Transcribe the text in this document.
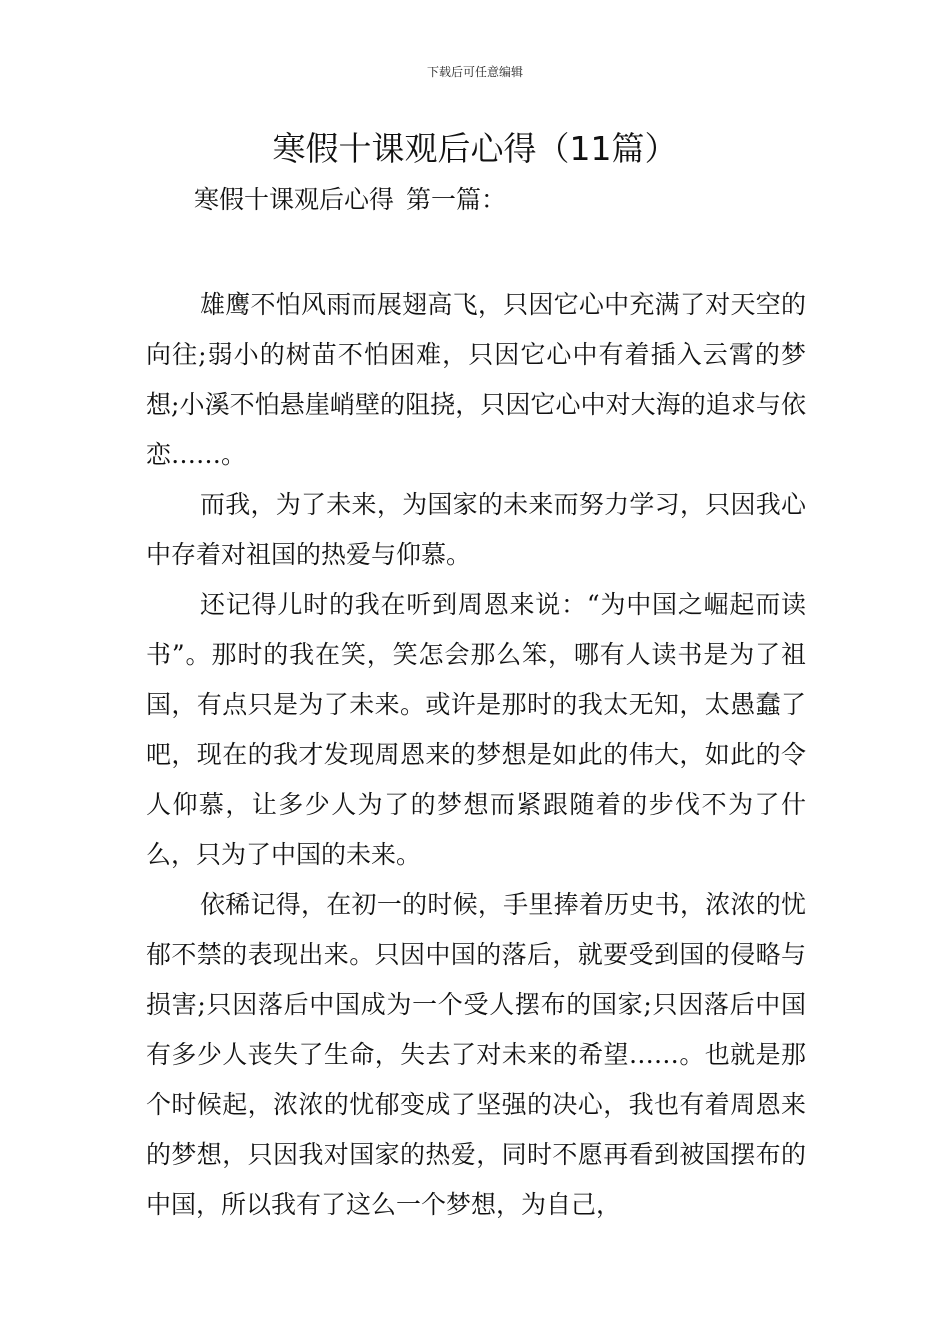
下载后可任意编辑
寒假十课观后心得（11篇）
寒假十课观后心得 第一篇：

雄鹰不怕风雨而展翅高飞，只因它心中充满了对天空的向往;弱小的树苗不怕困难，只因它心中有着插入云霄的梦想;小溪不怕悬崖峭壁的阻挠，只因它心中对大海的追求与依恋……。

而我，为了未来，为国家的未来而努力学习，只因我心中存着对祖国的热爱与仰慕。

还记得儿时的我在听到周恩来说：“为中国之崛起而读书”。那时的我在笑，笑怎会那么笨，哪有人读书是为了祖国，有点只是为了未来。或许是那时的我太无知，太愚蠢了吧，现在的我才发现周恩来的梦想是如此的伟大，如此的令人仰慕，让多少人为了的梦想而紧跟随着的步伐不为了什么，只为了中国的未来。

依稀记得，在初一的时候，手里捧着历史书，浓浓的忧郁不禁的表现出来。只因中国的落后，就要受到国的侵略与损害;只因落后中国成为一个受人摆布的国家;只因落后中国有多少人丧失了生命，失去了对未来的希望……。也就是那个时候起，浓浓的忧郁变成了坚强的决心，我也有着周恩来的梦想，只因我对国家的热爱，同时不愿再看到被国摆布的中国，所以我有了这么一个梦想，为自己，
